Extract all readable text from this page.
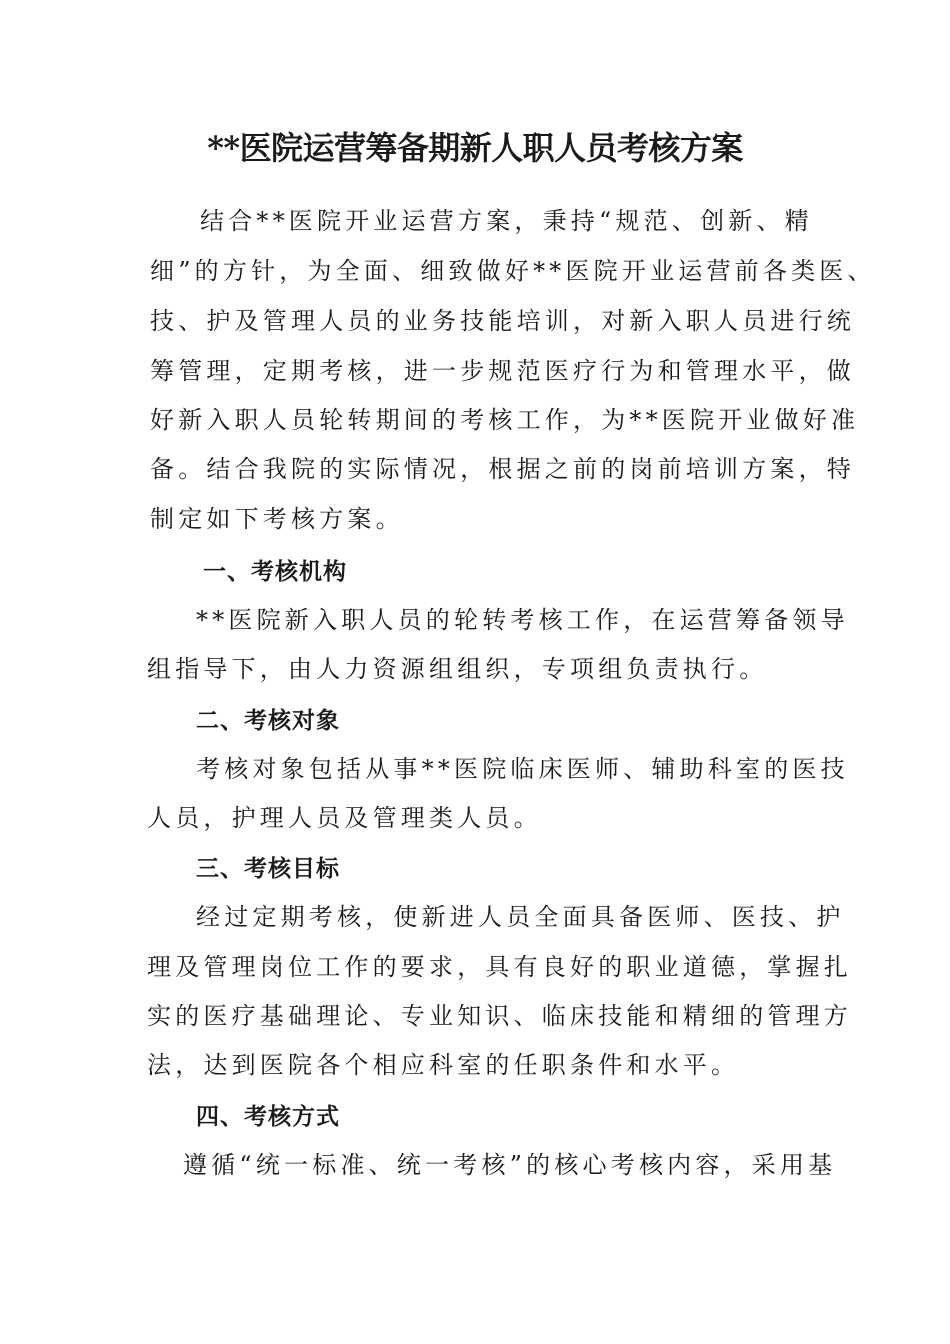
**医院运营筹备期新人职人员考核方案
结合**医院开业运营方案，秉持“规范、创新、精
细”的方针，为全面、细致做好**医院开业运营前各类医、
技、护及管理人员的业务技能培训，对新入职人员进行统
筹管理，定期考核，进一步规范医疗行为和管理水平，做
好新入职人员轮转期间的考核工作，为**医院开业做好准
备。结合我院的实际情况，根据之前的岗前培训方案，特
制定如下考核方案。
一、考核机构
**医院新入职人员的轮转考核工作，在运营筹备领导
组指导下，由人力资源组组织，专项组负责执行。
二、考核对象
考核对象包括从事**医院临床医师、辅助科室的医技
人员，护理人员及管理类人员。
三、考核目标
经过定期考核，使新进人员全面具备医师、医技、护
理及管理岗位工作的要求，具有良好的职业道德，掌握扎
实的医疗基础理论、专业知识、临床技能和精细的管理方
法，达到医院各个相应科室的任职条件和水平。
四、考核方式
遵循“统一标准、统一考核”的核心考核内容，采用基
